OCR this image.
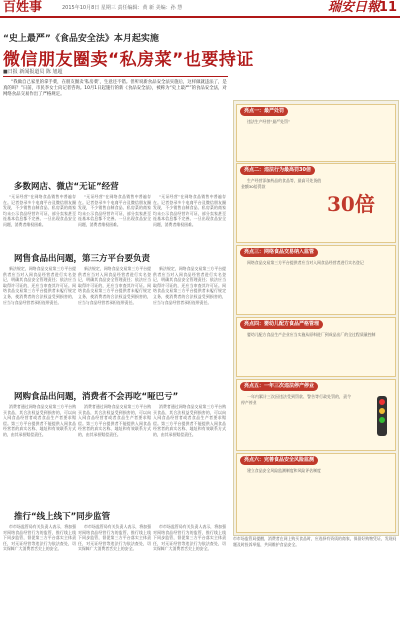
百姓事	2015年10月8日 星期三 责任编辑：黄 新 美编：孙 慧	瑞安日報
11
“史上最严”《食品安全法》本月起实施
微信朋友圈卖“私房菜”也要持证
■日报 新闻报道员 陈 旭超
“我做自己家里的拿手菜，在朋友圈卖‘私房菜’，生意还不错。但听说新食品安全法实施后，这样做就违法了，是真的吗？”日前，市民李女士向记者咨询。10月1日起施行的新《食品安全法》，被称为“史上最严”的食品安全法，对网络食品交易作出了严格规定。
多数网店、微店“无证”经营

“无证经营”在网络食品销售中普遍存在。记者登录多个电商平台及微信朋友圈发现，不少销售自制食品、私房菜的商家均未公示食品经营许可证，部分卖家甚至连基本信息都不完善。一旦出现食品安全问题，消费者维权困难。

“无证经营”在网络食品销售中普遍存在。记者登录多个电商平台及微信朋友圈发现，不少销售自制食品、私房菜的商家均未公示食品经营许可证，部分卖家甚至连基本信息都不完善。一旦出现食品安全问题，消费者维权困难。

“无证经营”在网络食品销售中普遍存在。记者登录多个电商平台及微信朋友圈发现，不少销售自制食品、私房菜的商家均未公示食品经营许可证，部分卖家甚至连基本信息都不完善。一旦出现食品安全问题，消费者维权困难。

网售食品出问题，第三方平台要负责

新法规定，网络食品交易第三方平台提供者应当对入网食品经营者进行实名登记，明确其食品安全管理责任；依法应当取得许可证的，还应当审查其许可证。网络食品交易第三方平台提供者未履行规定义务，使消费者的合法权益受到损害的，应当与食品经营者承担连带责任。

新法规定，网络食品交易第三方平台提供者应当对入网食品经营者进行实名登记，明确其食品安全管理责任；依法应当取得许可证的，还应当审查其许可证。网络食品交易第三方平台提供者未履行规定义务，使消费者的合法权益受到损害的，应当与食品经营者承担连带责任。

新法规定，网络食品交易第三方平台提供者应当对入网食品经营者进行实名登记，明确其食品安全管理责任；依法应当取得许可证的，还应当审查其许可证。网络食品交易第三方平台提供者未履行规定义务，使消费者的合法权益受到损害的，应当与食品经营者承担连带责任。

网购食品出问题，消费者不会再吃“哑巴亏”

消费者通过网络食品交易第三方平台购买食品，其合法权益受到损害的，可以向入网食品经营者或者食品生产者要求赔偿。第三方平台提供者不能提供入网食品经营者的真实名称、地址和有效联系方式的，由其承担赔偿责任。

消费者通过网络食品交易第三方平台购买食品，其合法权益受到损害的，可以向入网食品经营者或者食品生产者要求赔偿。第三方平台提供者不能提供入网食品经营者的真实名称、地址和有效联系方式的，由其承担赔偿责任。

消费者通过网络食品交易第三方平台购买食品，其合法权益受到损害的，可以向入网食品经营者或者食品生产者要求赔偿。第三方平台提供者不能提供入网食品经营者的真实名称、地址和有效联系方式的，由其承担赔偿责任。

推行“线上线下”同步监管

市市场监管局有关负责人表示，将加强对网络食品经营行为的监管，推行线上线下同步监管，督促第三方平台落实主体责任，对无证经营等违法行为依法查处，切实保障广大消费者舌尖上的安全。

市市场监管局有关负责人表示，将加强对网络食品经营行为的监管，推行线上线下同步监管，督促第三方平台落实主体责任，对无证经营等违法行为依法查处，切实保障广大消费者舌尖上的安全。

市市场监管局有关负责人表示，将加强对网络食品经营行为的监管，推行线上线下同步监管，督促第三方平台落实主体责任，对无证经营等违法行为依法查处，切实保障广大消费者舌尖上的安全。

亮点一：最严处罚

违法生产经营“最严处罚”

亮点二：违法行为最高罚30倍
30倍

生产经营添加药品的食品等，最高可处货值金额30倍罚款

亮点三：网络食品交易纳入监管

网络食品交易第三方平台提供者应当对入网食品经营者进行实名登记

亮点四：婴幼儿配方食品严格管理

婴幼儿配方食品生产企业应当实施从原料进厂到成品出厂的全过程质量控制

亮点五：一年三次违法停产停业

一年内累计三次因违法受到罚款、警告等行政处罚的，责令停产停业

亮点六：完善食品安全风险监测

建立食品安全风险监测制度和风险评估制度

市市场监管局提醒，消费者在网上购买食品时，应选择有资质的商家，保留好购物凭证，发现问题及时投诉举报，共同维护食品安全。
